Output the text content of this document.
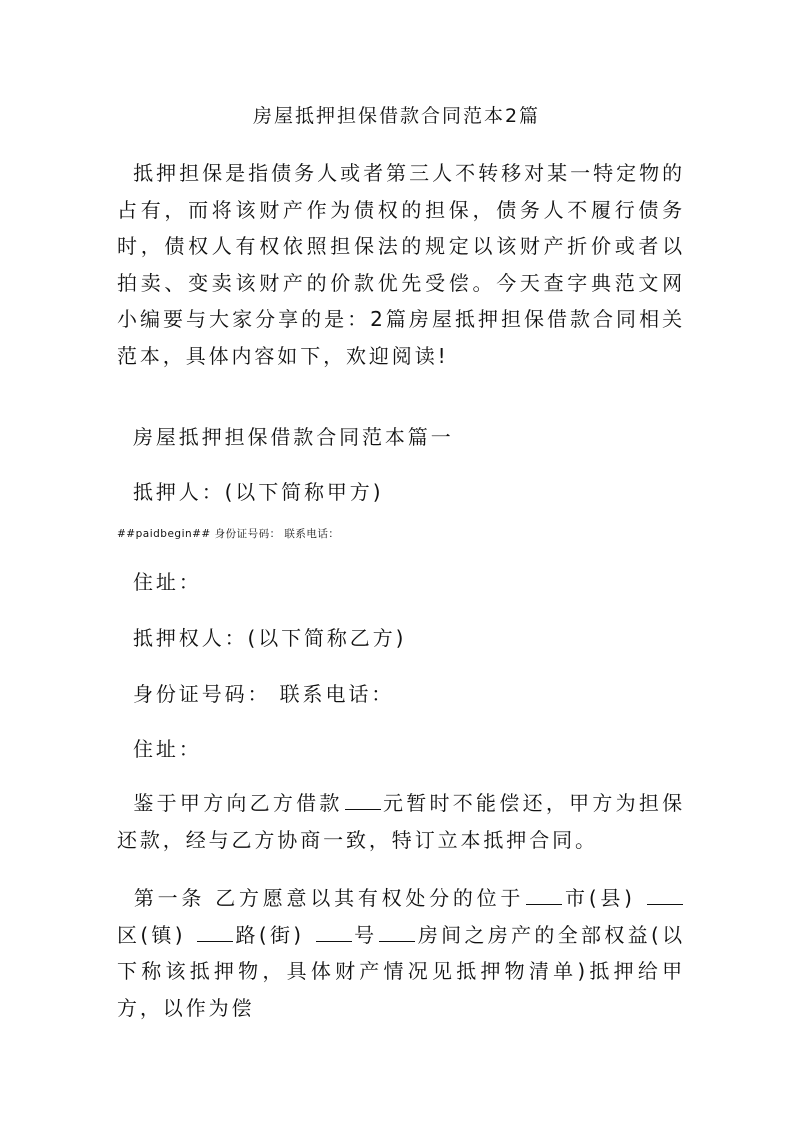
房屋抵押担保借款合同范本2篇
抵押担保是指债务人或者第三人不转移对某一特定物的占有，而将该财产作为债权的担保，债务人不履行债务时，债权人有权依照担保法的规定以该财产折价或者以拍卖、变卖该财产的价款优先受偿。今天查字典范文网小编要与大家分享的是：2篇房屋抵押担保借款合同相关范本，具体内容如下，欢迎阅读!
房屋抵押担保借款合同范本篇一
抵押人：(以下简称甲方)
##paidbegin## 身份证号码： 联系电话：
住址：
抵押权人：(以下简称乙方)
身份证号码： 联系电话：
住址：
鉴于甲方向乙方借款 元暂时不能偿还，甲方为担保还款，经与乙方协商一致，特订立本抵押合同。
第一条 乙方愿意以其有权处分的位于 市(县) 区(镇) 路(街) 号 房间之房产的全部权益(以下称该抵押物，具体财产情况见抵押物清单)抵押给甲方，以作为偿
